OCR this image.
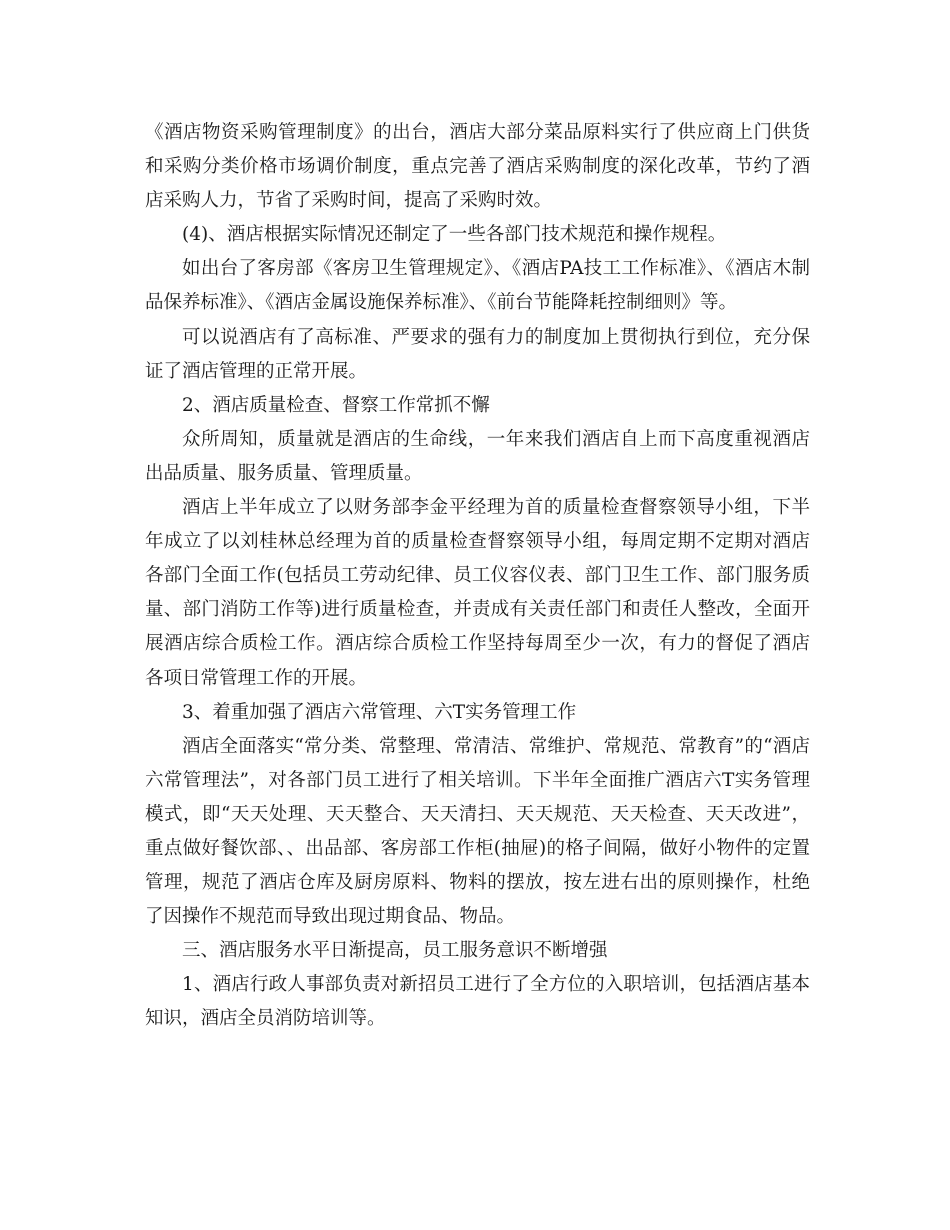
《酒店物资采购管理制度》的出台，酒店大部分菜品原料实行了供应商上门供货和采购分类价格市场调价制度，重点完善了酒店采购制度的深化改革，节约了酒店采购人力，节省了采购时间，提高了采购时效。

(4)、酒店根据实际情况还制定了一些各部门技术规范和操作规程。

如出台了客房部《客房卫生管理规定》、《酒店PA技工工作标准》、《酒店木制品保养标准》、《酒店金属设施保养标准》、《前台节能降耗控制细则》等。

可以说酒店有了高标准、严要求的强有力的制度加上贯彻执行到位，充分保证了酒店管理的正常开展。

2、酒店质量检查、督察工作常抓不懈

众所周知，质量就是酒店的生命线，一年来我们酒店自上而下高度重视酒店出品质量、服务质量、管理质量。

酒店上半年成立了以财务部李金平经理为首的质量检查督察领导小组，下半年成立了以刘桂林总经理为首的质量检查督察领导小组，每周定期不定期对酒店各部门全面工作(包括员工劳动纪律、员工仪容仪表、部门卫生工作、部门服务质量、部门消防工作等)进行质量检查，并责成有关责任部门和责任人整改，全面开展酒店综合质检工作。酒店综合质检工作坚持每周至少一次，有力的督促了酒店各项日常管理工作的开展。

3、着重加强了酒店六常管理、六T实务管理工作

酒店全面落实“常分类、常整理、常清洁、常维护、常规范、常教育”的“酒店六常管理法”，对各部门员工进行了相关培训。下半年全面推广酒店六T实务管理模式，即“天天处理、天天整合、天天清扫、天天规范、天天检查、天天改进”，重点做好餐饮部、、出品部、客房部工作柜(抽屉)的格子间隔，做好小物件的定置管理，规范了酒店仓库及厨房原料、物料的摆放，按左进右出的原则操作，杜绝了因操作不规范而导致出现过期食品、物品。

三、酒店服务水平日渐提高，员工服务意识不断增强

1、酒店行政人事部负责对新招员工进行了全方位的入职培训，包括酒店基本知识，酒店全员消防培训等。
